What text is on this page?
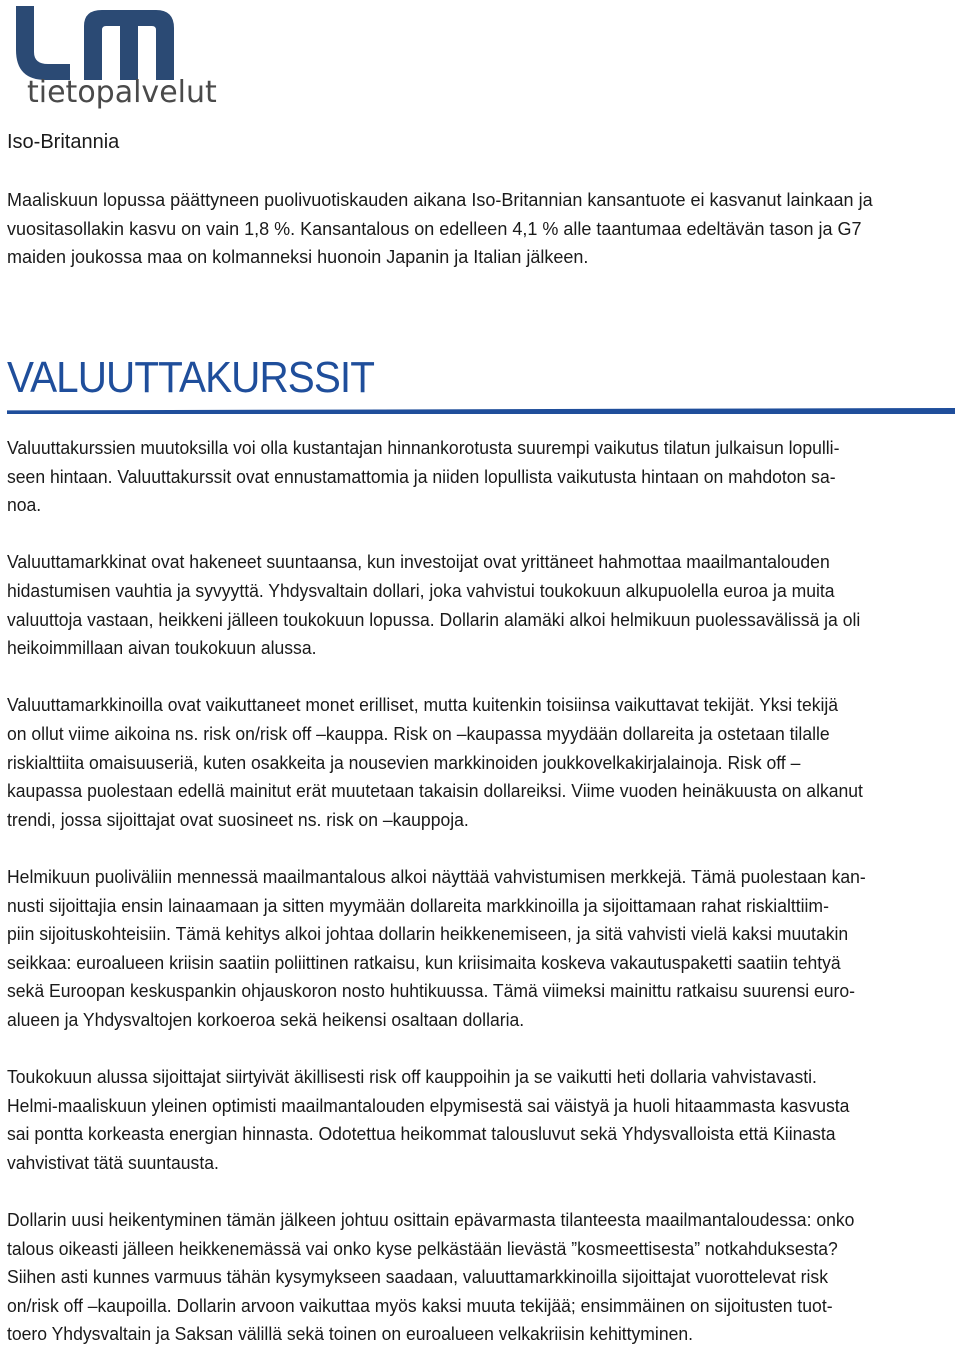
tietopalvelut
Iso-Britannia

Maaliskuun lopussa päättyneen puolivuotiskauden aikana Iso-Britannian kansantuote ei kasvanut lainkaan ja
vuositasollakin kasvu on vain 1,8 %. Kansantalous on edelleen 4,1 % alle taantumaa edeltävän tason ja G7
maiden joukossa maa on kolmanneksi huonoin Japanin ja Italian jälkeen.

VALUUTTAKURSSIT

Valuuttakurssien muutoksilla voi olla kustantajan hinnankorotusta suurempi vaikutus tilatun julkaisun lopulli-
seen hintaan. Valuuttakurssit ovat ennustamattomia ja niiden lopullista vaikutusta hintaan on mahdoton sa-
noa.

Valuuttamarkkinat ovat hakeneet suuntaansa, kun investoijat ovat yrittäneet hahmottaa maailmantalouden
hidastumisen vauhtia ja syvyyttä. Yhdysvaltain dollari, joka vahvistui toukokuun alkupuolella euroa ja muita
valuuttoja vastaan, heikkeni jälleen toukokuun lopussa. Dollarin alamäki alkoi helmikuun puolessavälissä ja oli
heikoimmillaan aivan toukokuun alussa.

Valuuttamarkkinoilla ovat vaikuttaneet monet erilliset, mutta kuitenkin toisiinsa vaikuttavat tekijät. Yksi tekijä
on ollut viime aikoina ns. risk on/risk off –kauppa. Risk on –kaupassa myydään dollareita ja ostetaan tilalle
riskialttiita omaisuuseriä, kuten osakkeita ja nousevien markkinoiden joukkovelkakirjalainoja. Risk off –
kaupassa puolestaan edellä mainitut erät muutetaan takaisin dollareiksi. Viime vuoden heinäkuusta on alkanut
trendi, jossa sijoittajat ovat suosineet ns. risk on –kauppoja.

Helmikuun puoliväliin mennessä maailmantalous alkoi näyttää vahvistumisen merkkejä. Tämä puolestaan kan-
nusti sijoittajia ensin lainaamaan ja sitten myymään dollareita markkinoilla ja sijoittamaan rahat riskialttiim-
piin sijoituskohteisiin. Tämä kehitys alkoi johtaa dollarin heikkenemiseen, ja sitä vahvisti vielä kaksi muutakin
seikkaa: euroalueen kriisin saatiin poliittinen ratkaisu, kun kriisimaita koskeva vakautuspaketti saatiin tehtyä
sekä Euroopan keskuspankin ohjauskoron nosto huhtikuussa. Tämä viimeksi mainittu ratkaisu suurensi euro-
alueen ja Yhdysvaltojen korkoeroa sekä heikensi osaltaan dollaria.

Toukokuun alussa sijoittajat siirtyivät äkillisesti risk off kauppoihin ja se vaikutti heti dollaria vahvistavasti.
Helmi-maaliskuun yleinen optimisti maailmantalouden elpymisestä sai väistyä ja huoli hitaammasta kasvusta
sai pontta korkeasta energian hinnasta. Odotettua heikommat talousluvut sekä Yhdysvalloista että Kiinasta
vahvistivat tätä suuntausta.

Dollarin uusi heikentyminen tämän jälkeen johtuu osittain epävarmasta tilanteesta maailmantaloudessa: onko
talous oikeasti jälleen heikkenemässä vai onko kyse pelkästään lievästä ”kosmeettisesta” notkahduksesta?
Siihen asti kunnes varmuus tähän kysymykseen saadaan, valuuttamarkkinoilla sijoittajat vuorottelevat risk
on/risk off –kaupoilla. Dollarin arvoon vaikuttaa myös kaksi muuta tekijää; ensimmäinen on sijoitusten tuot-
toero Yhdysvaltain ja Saksan välillä sekä toinen on euroalueen velkakriisin kehittyminen.
